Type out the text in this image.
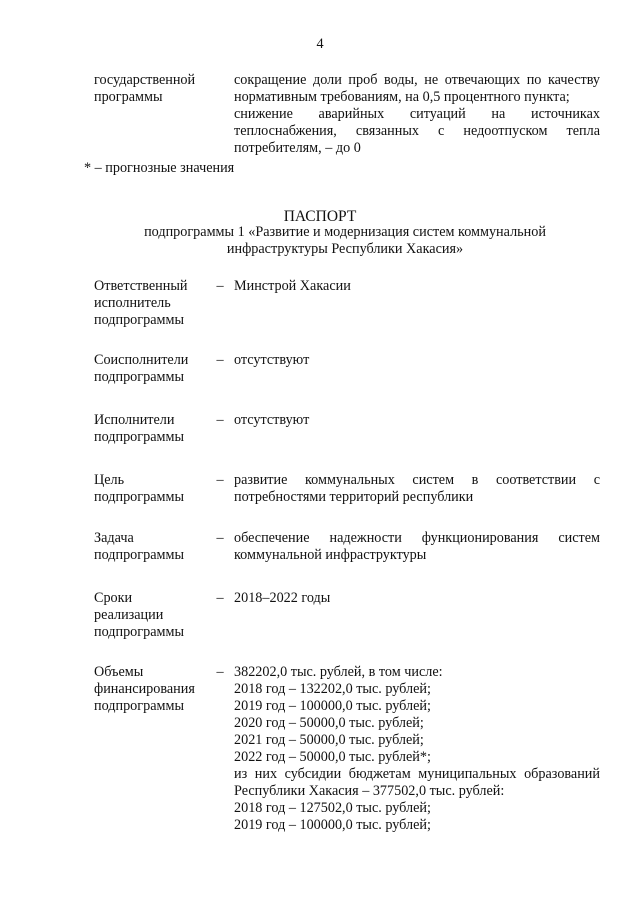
4
государственной
программы
сокращение доли проб воды, не отвечающих по качеству
нормативным требованиям, на 0,5 процентного пункта;
снижение аварийных ситуаций на источниках
теплоснабжения, связанных с недоотпуском тепла
потребителям, – до 0
* – прогнозные значения
ПАСПОРТ
подпрограммы 1 «Развитие и модернизация систем коммунальной
инфраструктуры Республики Хакасия»
Ответственный
исполнитель
подпрограммы
– Минстрой Хакасии
Соисполнители
подпрограммы
– отсутствуют
Исполнители
подпрограммы
– отсутствуют
Цель
подпрограммы
– развитие коммунальных систем в соответствии с
потребностями территорий республики
Задача
подпрограммы
– обеспечение надежности функционирования систем
коммунальной инфраструктуры
Сроки
реализации
подпрограммы
– 2018–2022 годы
Объемы
финансирования
подпрограммы
– 382202,0 тыс. рублей, в том числе:
2018 год – 132202,0 тыс. рублей;
2019 год – 100000,0 тыс. рублей;
2020 год – 50000,0 тыс. рублей;
2021 год – 50000,0 тыс. рублей;
2022 год – 50000,0 тыс. рублей*;
из них субсидии бюджетам муниципальных образований
Республики Хакасия – 377502,0 тыс. рублей:
2018 год – 127502,0 тыс. рублей;
2019 год – 100000,0 тыс. рублей;
